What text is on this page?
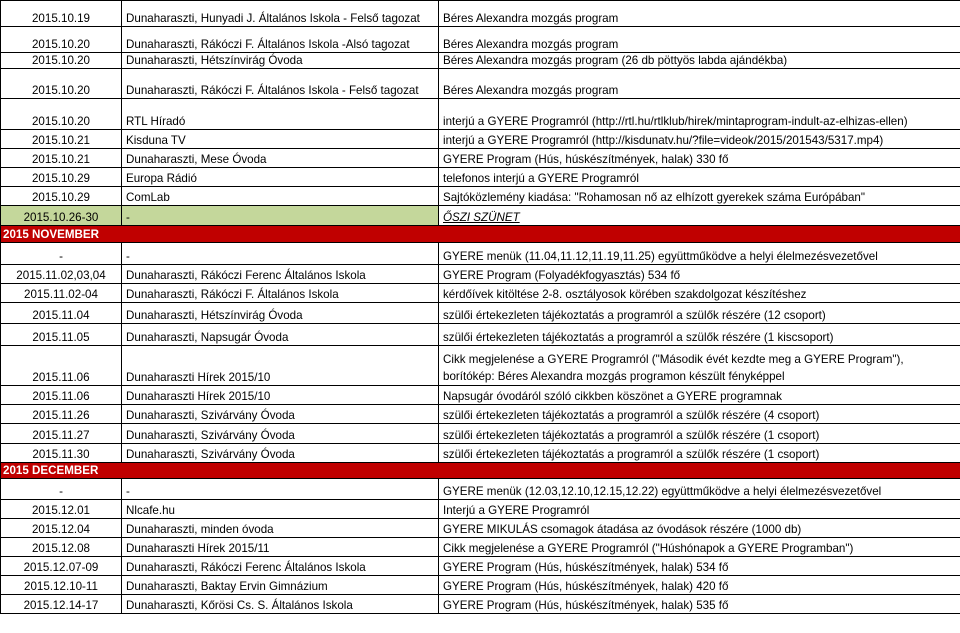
2015.10.19	Dunaharaszti, Hunyadi J. Általános Iskola - Felső tagozat	Béres Alexandra mozgás program
2015.10.20	Dunaharaszti, Rákóczi F. Általános Iskola -Alsó tagozat	Béres Alexandra mozgás program
2015.10.20	Dunaharaszti, Hétszínvirág Óvoda	Béres Alexandra mozgás program (26 db pöttyös labda ajándékba)
2015.10.20	Dunaharaszti, Rákóczi F. Általános Iskola - Felső tagozat	Béres Alexandra mozgás program
2015.10.20	RTL Híradó	interjú a GYERE Programról (http://rtl.hu/rtlklub/hirek/mintaprogram-indult-az-elhizas-ellen)
2015.10.21	Kisduna TV	interjú a GYERE Programról (http://kisdunatv.hu/?file=videok/2015/201543/5317.mp4)
2015.10.21	Dunaharaszti, Mese Óvoda	GYERE Program (Hús, húskészítmények, halak) 330 fő
2015.10.29	Europa Rádió	telefonos interjú a GYERE Programról
2015.10.29	ComLab	Sajtóközlemény kiadása: "Rohamosan nő az elhízott gyerekek száma Európában"
2015.10.26-30	-	ŐSZI SZÜNET
2015 NOVEMBER		
-	-	GYERE menük (11.04,11.12,11.19,11.25) együttműködve a helyi élelmezésvezetővel
2015.11.02,03,04	Dunaharaszti, Rákóczi Ferenc Általános Iskola	GYERE Program (Folyadékfogyasztás) 534 fő
2015.11.02-04	Dunaharaszti, Rákóczi F. Általános Iskola	kérdőívek kitöltése 2-8. osztályosok körében szakdolgozat készítéshez
2015.11.04	Dunaharaszti, Hétszínvirág Óvoda	szülői értekezleten tájékoztatás a programról a szülők részére (12 csoport)
2015.11.05	Dunaharaszti, Napsugár Óvoda	szülői értekezleten tájékoztatás a programról a szülők részére (1 kiscsoport)
2015.11.06	Dunaharaszti Hírek 2015/10	Cikk megjelenése a GYERE Programról ("Második évét kezdte meg a GYERE Program"), borítókép: Béres Alexandra mozgás programon készült fényképpel
2015.11.06	Dunaharaszti Hírek 2015/10	Napsugár óvodáról szóló cikkben köszönet a GYERE programnak
2015.11.26	Dunaharaszti, Szivárvány Óvoda	szülői értekezleten tájékoztatás a programról a szülők részére (4 csoport)
2015.11.27	Dunaharaszti, Szivárvány Óvoda	szülői értekezleten tájékoztatás a programról a szülők részére (1 csoport)
2015.11.30	Dunaharaszti, Szivárvány Óvoda	szülői értekezleten tájékoztatás a programról a szülők részére (1 csoport)
2015 DECEMBER		
-	-	GYERE menük (12.03,12.10,12.15,12.22) együttműködve a helyi élelmezésvezetővel
2015.12.01	Nlcafe.hu	Interjú a GYERE Programról
2015.12.04	Dunaharaszti, minden óvoda	GYERE MIKULÁS csomagok átadása az óvodások részére (1000 db)
2015.12.08	Dunaharaszti Hírek 2015/11	Cikk megjelenése a GYERE Programról ("Húshónapok a GYERE Programban")
2015.12.07-09	Dunaharaszti, Rákóczi Ferenc Általános Iskola	GYERE Program (Hús, húskészítmények, halak) 534 fő
2015.12.10-11	Dunaharaszti, Baktay Ervin Gimnázium	GYERE Program (Hús, húskészítmények, halak) 420 fő
2015.12.14-17	Dunaharaszti, Kőrösi Cs. S. Általános Iskola	GYERE Program (Hús, húskészítmények, halak) 535 fő
